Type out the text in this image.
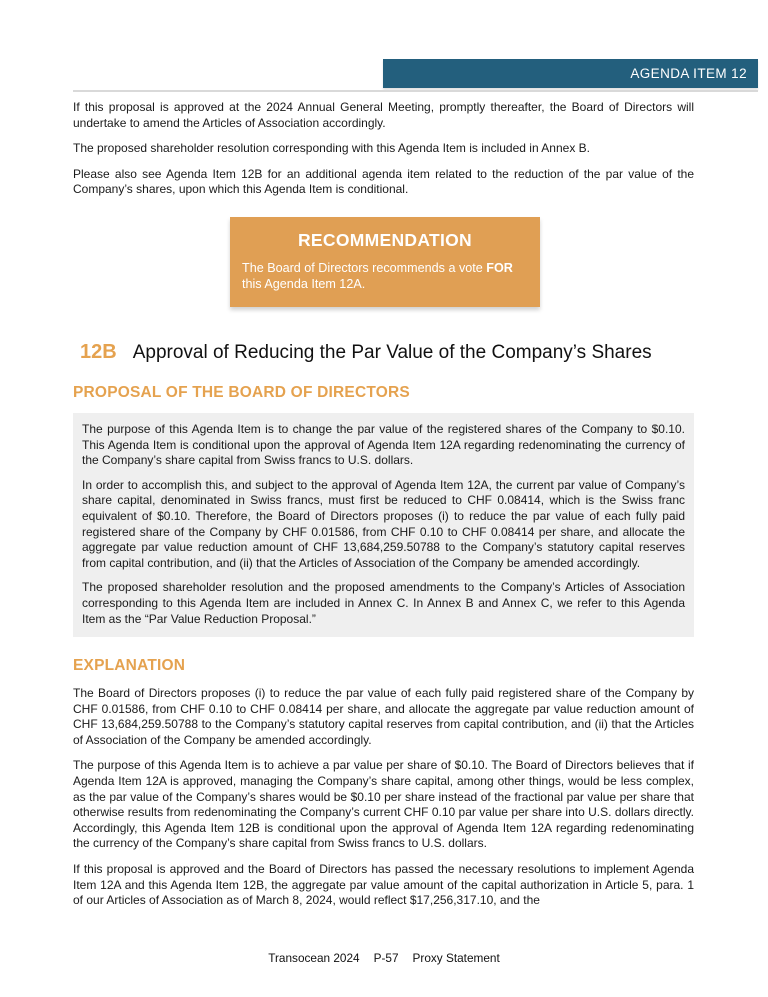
AGENDA ITEM 12

If this proposal is approved at the 2024 Annual General Meeting, promptly thereafter, the Board of Directors will undertake to amend the Articles of Association accordingly.

The proposed shareholder resolution corresponding with this Agenda Item is included in Annex B.

Please also see Agenda Item 12B for an additional agenda item related to the reduction of the par value of the Company’s shares, upon which this Agenda Item is conditional.

RECOMMENDATION
The Board of Directors recommends a vote FOR this Agenda Item 12A.
12B Approval of Reducing the Par Value of the Company’s Shares
PROPOSAL OF THE BOARD OF DIRECTORS

The purpose of this Agenda Item is to change the par value of the registered shares of the Company to $0.10. This Agenda Item is conditional upon the approval of Agenda Item 12A regarding redenominating the currency of the Company’s share capital from Swiss francs to U.S. dollars.

In order to accomplish this, and subject to the approval of Agenda Item 12A, the current par value of Company’s share capital, denominated in Swiss francs, must first be reduced to CHF 0.08414, which is the Swiss franc equivalent of $0.10. Therefore, the Board of Directors proposes (i) to reduce the par value of each fully paid registered share of the Company by CHF 0.01586, from CHF 0.10 to CHF 0.08414 per share, and allocate the aggregate par value reduction amount of CHF 13,684,259.50788 to the Company’s statutory capital reserves from capital contribution, and (ii) that the Articles of Association of the Company be amended accordingly.

The proposed shareholder resolution and the proposed amendments to the Company’s Articles of Association corresponding to this Agenda Item are included in Annex C. In Annex B and Annex C, we refer to this Agenda Item as the “Par Value Reduction Proposal.”

EXPLANATION

The Board of Directors proposes (i) to reduce the par value of each fully paid registered share of the Company by CHF 0.01586, from CHF 0.10 to CHF 0.08414 per share, and allocate the aggregate par value reduction amount of CHF 13,684,259.50788 to the Company’s statutory capital reserves from capital contribution, and (ii) that the Articles of Association of the Company be amended accordingly.

The purpose of this Agenda Item is to achieve a par value per share of $0.10. The Board of Directors believes that if Agenda Item 12A is approved, managing the Company’s share capital, among other things, would be less complex, as the par value of the Company’s shares would be $0.10 per share instead of the fractional par value per share that otherwise results from redenominating the Company’s current CHF 0.10 par value per share into U.S. dollars directly. Accordingly, this Agenda Item 12B is conditional upon the approval of Agenda Item 12A regarding redenominating the currency of the Company’s share capital from Swiss francs to U.S. dollars.

If this proposal is approved and the Board of Directors has passed the necessary resolutions to implement Agenda Item 12A and this Agenda Item 12B, the aggregate par value amount of the capital authorization in Article 5, para. 1 of our Articles of Association as of March 8, 2024, would reflect $17,256,317.10, and the

Transocean 2024 P-57 Proxy Statement
